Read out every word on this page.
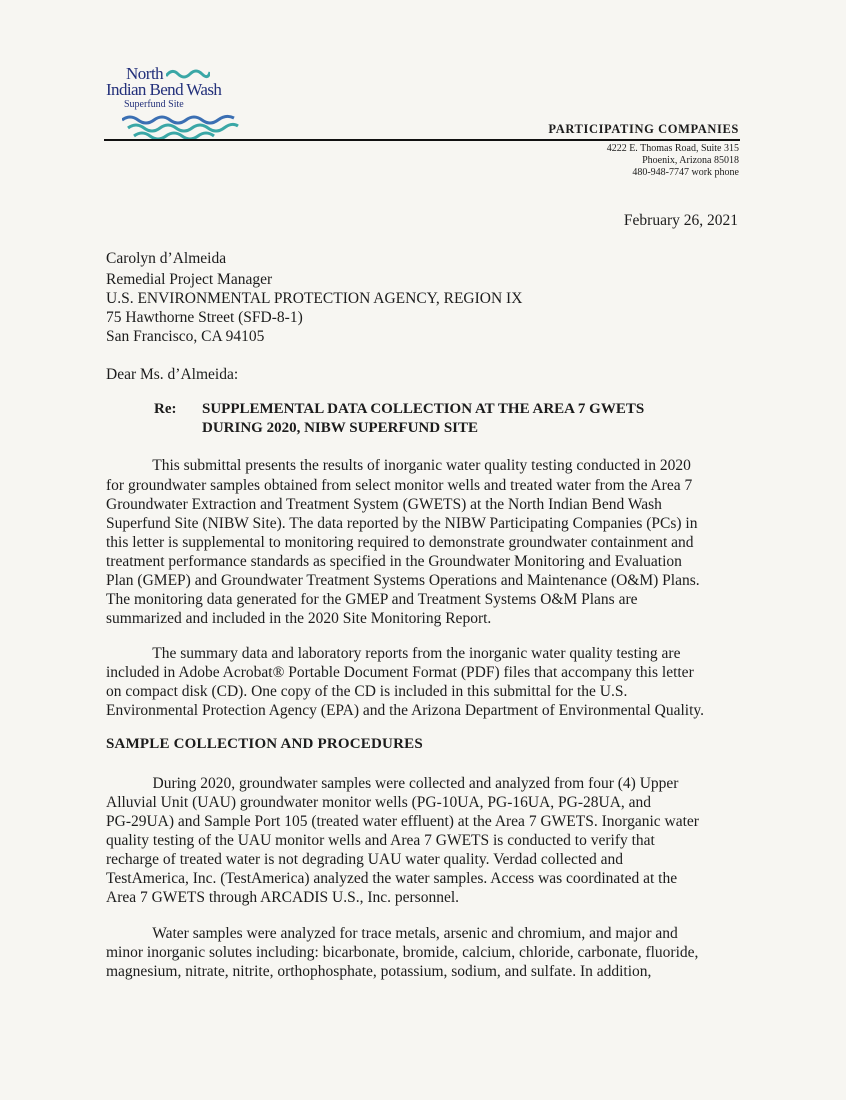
North
Indian Bend Wash
Superfund Site
PARTICIPATING COMPANIES
4222 E. Thomas Road, Suite 315
Phoenix, Arizona 85018
480-948-7747 work phone
February 26, 2021
Carolyn d’Almeida
Remedial Project Manager
U.S. ENVIRONMENTAL PROTECTION AGENCY, REGION IX
75 Hawthorne Street (SFD-8-1)
San Francisco, CA 94105
Dear Ms. d’Almeida:
Re: SUPPLEMENTAL DATA COLLECTION AT THE AREA 7 GWETS
DURING 2020, NIBW SUPERFUND SITE
This submittal presents the results of inorganic water quality testing conducted in 2020
for groundwater samples obtained from select monitor wells and treated water from the Area 7
Groundwater Extraction and Treatment System (GWETS) at the North Indian Bend Wash
Superfund Site (NIBW Site). The data reported by the NIBW Participating Companies (PCs) in
this letter is supplemental to monitoring required to demonstrate groundwater containment and
treatment performance standards as specified in the Groundwater Monitoring and Evaluation
Plan (GMEP) and Groundwater Treatment Systems Operations and Maintenance (O&M) Plans.
The monitoring data generated for the GMEP and Treatment Systems O&M Plans are
summarized and included in the 2020 Site Monitoring Report.
The summary data and laboratory reports from the inorganic water quality testing are
included in Adobe Acrobat® Portable Document Format (PDF) files that accompany this letter
on compact disk (CD). One copy of the CD is included in this submittal for the U.S.
Environmental Protection Agency (EPA) and the Arizona Department of Environmental Quality.
SAMPLE COLLECTION AND PROCEDURES
During 2020, groundwater samples were collected and analyzed from four (4) Upper
Alluvial Unit (UAU) groundwater monitor wells (PG-10UA, PG-16UA, PG-28UA, and
PG-29UA) and Sample Port 105 (treated water effluent) at the Area 7 GWETS. Inorganic water
quality testing of the UAU monitor wells and Area 7 GWETS is conducted to verify that
recharge of treated water is not degrading UAU water quality. Verdad collected and
TestAmerica, Inc. (TestAmerica) analyzed the water samples. Access was coordinated at the
Area 7 GWETS through ARCADIS U.S., Inc. personnel.
Water samples were analyzed for trace metals, arsenic and chromium, and major and
minor inorganic solutes including: bicarbonate, bromide, calcium, chloride, carbonate, fluoride,
magnesium, nitrate, nitrite, orthophosphate, potassium, sodium, and sulfate. In addition,
